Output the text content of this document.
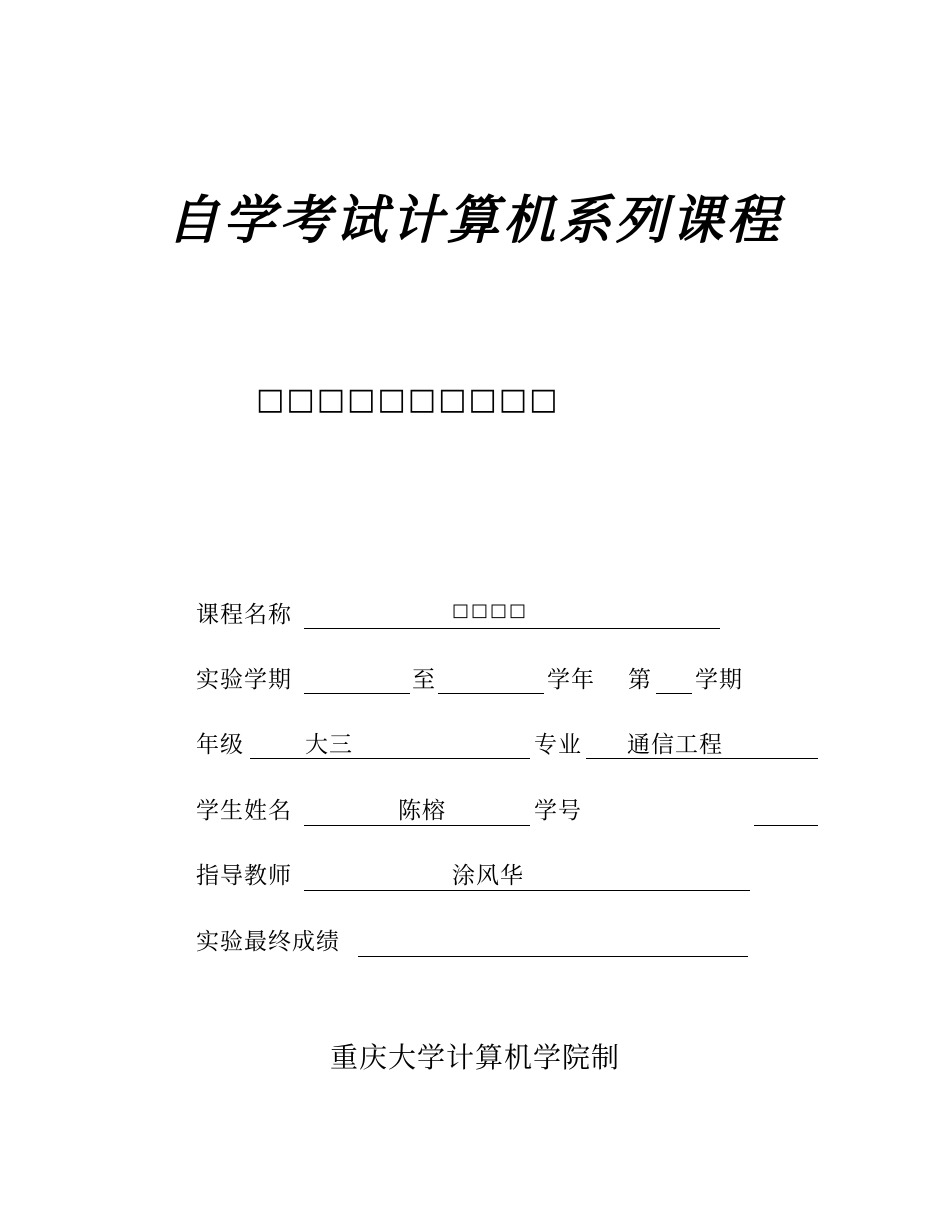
自学考试计算机系列课程
□□□□□□□□□□
课程名称	□□□□
实验学期	至	学年 第 学期
年级	大三	专业 通信工程
学生姓名	陈榕	学号
指导教师	涂风华
实验最终成绩
重庆大学计算机学院制
